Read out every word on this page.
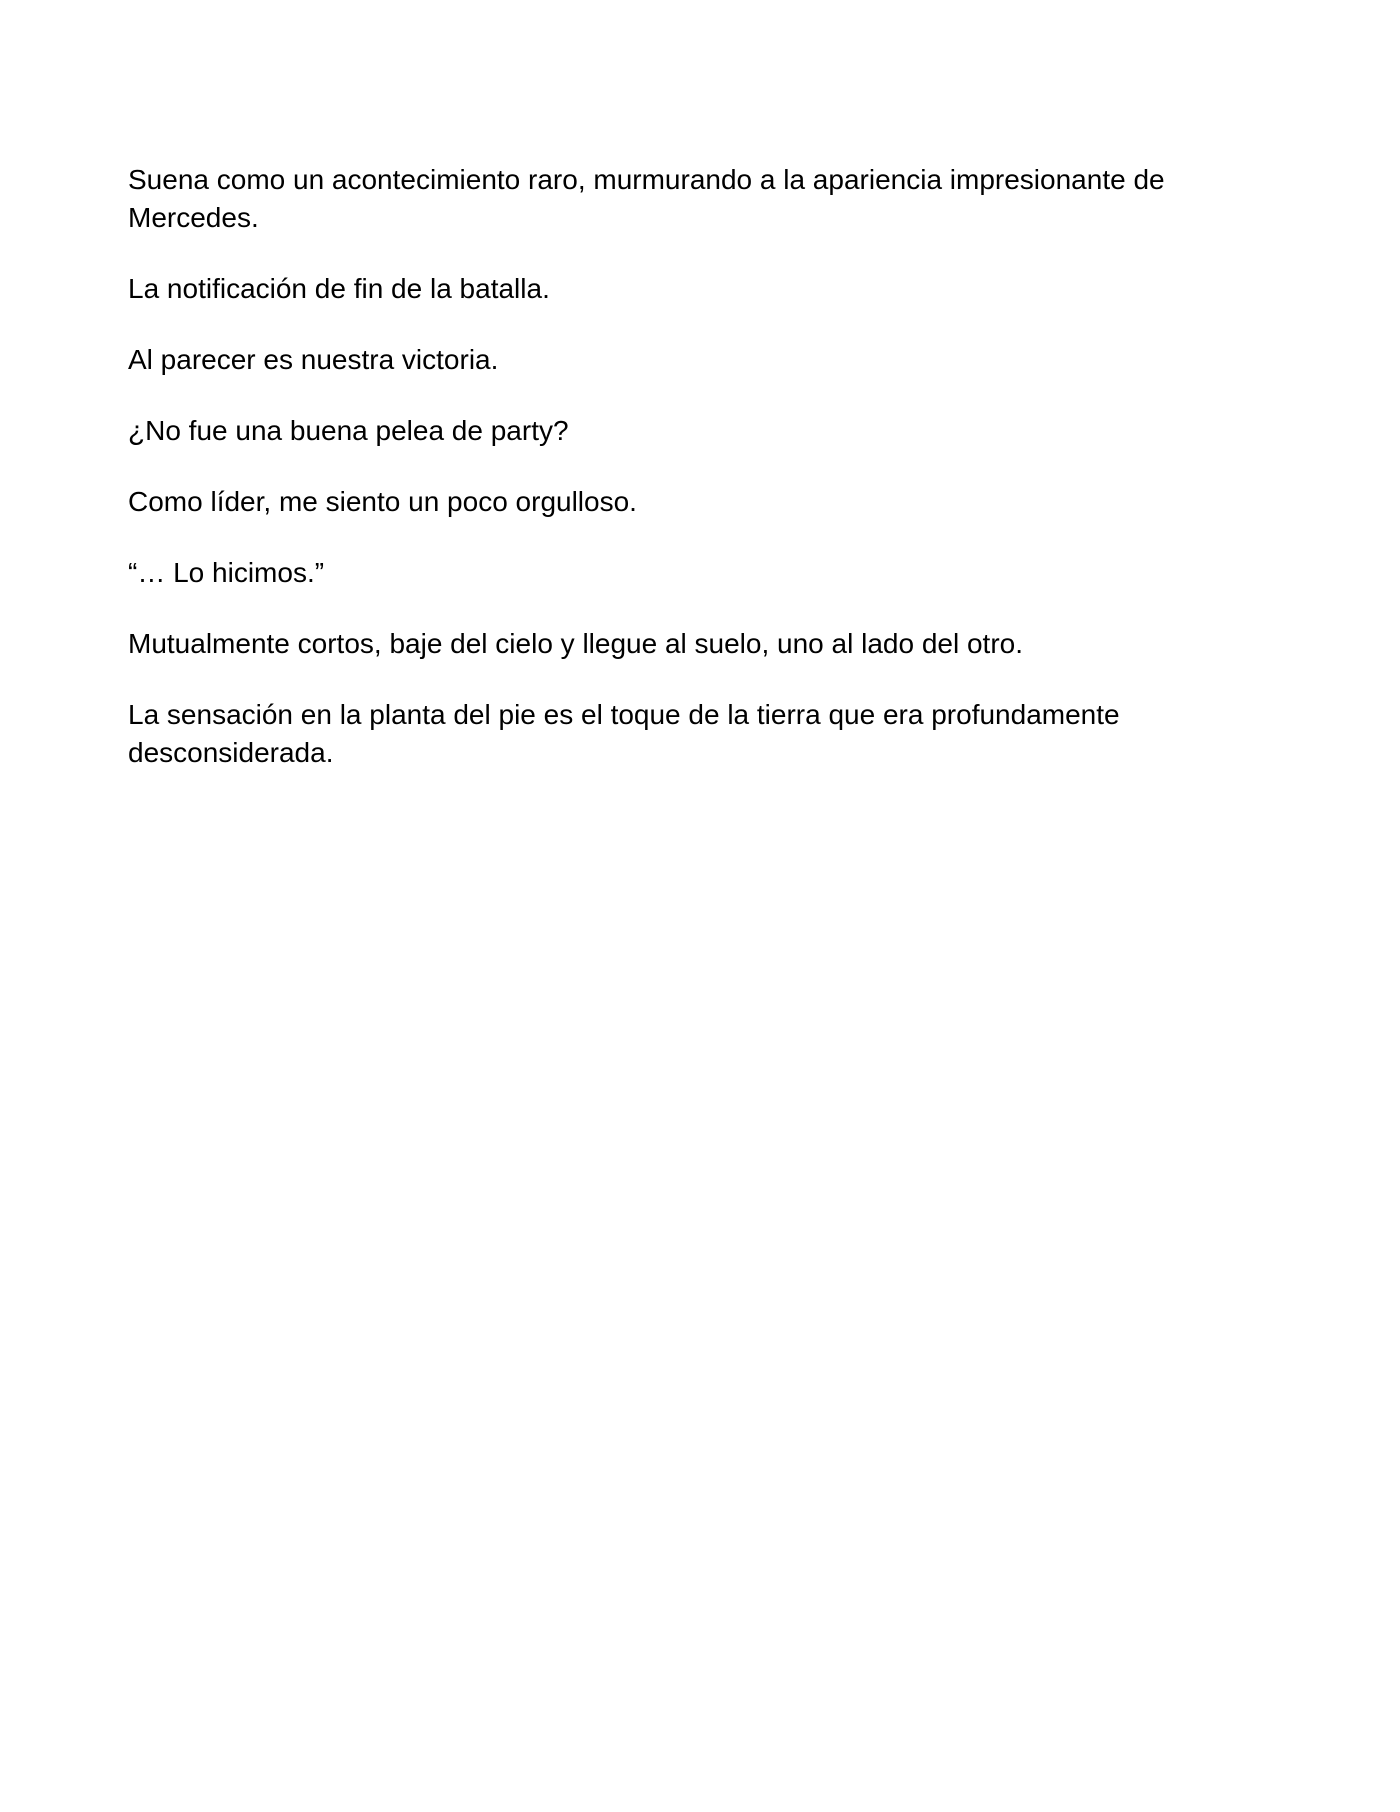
Suena como un acontecimiento raro, murmurando a la apariencia impresionante de Mercedes.

La notificación de fin de la batalla.

Al parecer es nuestra victoria.

¿No fue una buena pelea de party?

Como líder, me siento un poco orgulloso.

“… Lo hicimos.”

Mutualmente cortos, baje del cielo y llegue al suelo, uno al lado del otro.

La sensación en la planta del pie es el toque de la tierra que era profundamente desconsiderada.
